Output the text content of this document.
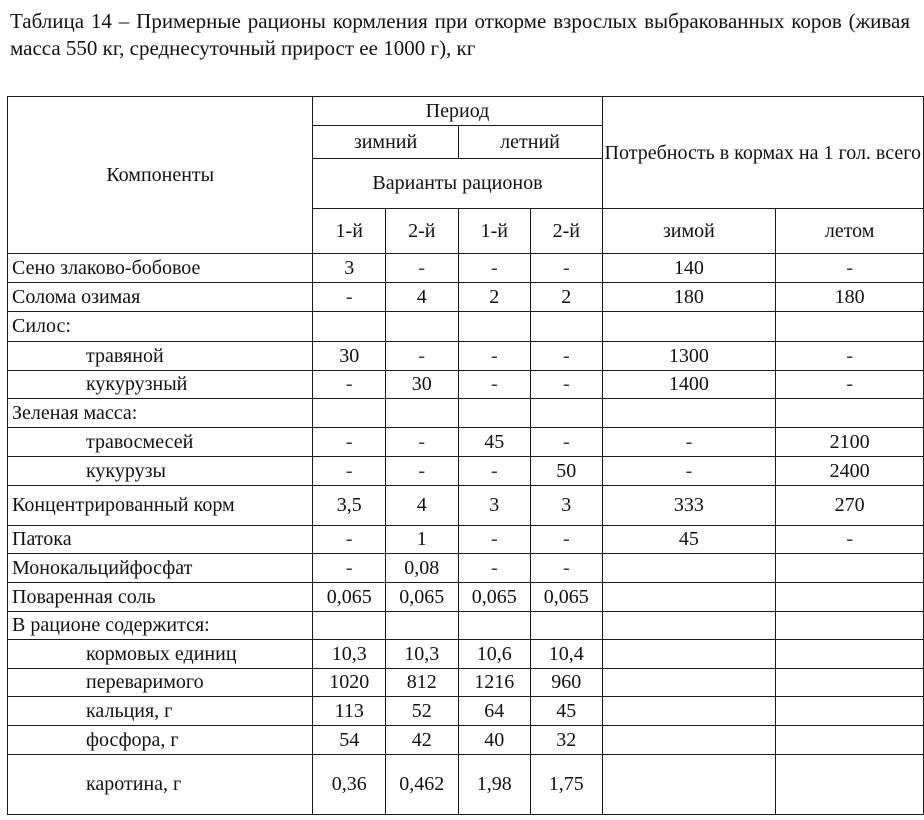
Таблица 14 – Примерные рационы кормления при откорме взрослых выбракованных коров (живая масса 550 кг, среднесуточный прирост ее 1000 г), кг
Компоненты	Период				Потребность в кормах на 1 гол. всего	
	зимний		летний			
	Варианты рационов					
	1-й	2-й	1-й	2-й	зимой	летом
Сено злаково-бобовое	3	-	-	-	140	-
Солома озимая	-	4	2	2	180	180
Силос:						
травяной	30	-	-	-	1300	-
кукурузный	-	30	-	-	1400	-
Зеленая масса:						
травосмесей	-	-	45	-	-	2100
кукурузы	-	-	-	50	-	2400
Концентрированный корм	3,5	4	3	3	333	270
Патока	-	1	-	-	45	-
Монокальцийфосфат	-	0,08	-	-		
Поваренная соль	0,065	0,065	0,065	0,065		
В рационе содержится:						
кормовых единиц	10,3	10,3	10,6	10,4		
переваримого	1020	812	1216	960		
кальция, г	113	52	64	45		
фосфора, г	54	42	40	32		
каротина, г	0,36	0,462	1,98	1,75		
